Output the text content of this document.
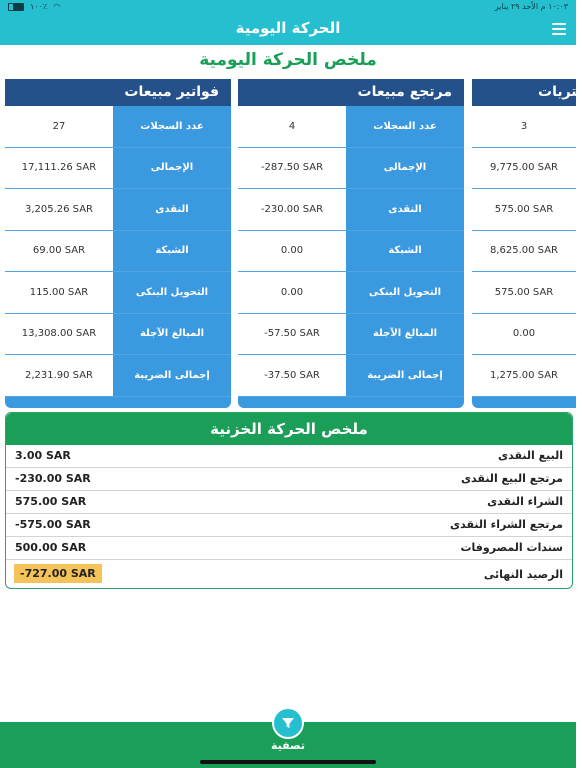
١٠٠٪ ◠	١٠:٠٣ م الأحد ٢٩ يناير
الحركة اليومية
ملخص الحركة اليومية
فواتير مبيعات
27	عدد السجلات
17,111.26 SAR	الإجمالى
3,205.26 SAR	النقدى
69.00 SAR	الشبكة
115.00 SAR	التحويل البنكى
13,308.00 SAR	المبالغ الآجلة
2,231.90 SAR	إجمالى الضريبة
مرتجع مبيعات
4	عدد السجلات
-287.50 SAR	الإجمالى
-230.00 SAR	النقدى
0.00	الشبكة
0.00	التحويل البنكى
-57.50 SAR	المبالغ الآجلة
-37.50 SAR	إجمالى الضريبة
نتريات
3
9,775.00 SAR
575.00 SAR
8,625.00 SAR
575.00 SAR
0.00
1,275.00 SAR
ملخص الحركة الخزنية
3.00 SAR	البيع النقدى
-230.00 SAR	مرتجع البيع النقدى
575.00 SAR	الشراء النقدى
-575.00 SAR	مرتجع الشراء النقدى
500.00 SAR	سندات المصروفات
-727.00 SAR	الرصيد النهائى
تصفية
